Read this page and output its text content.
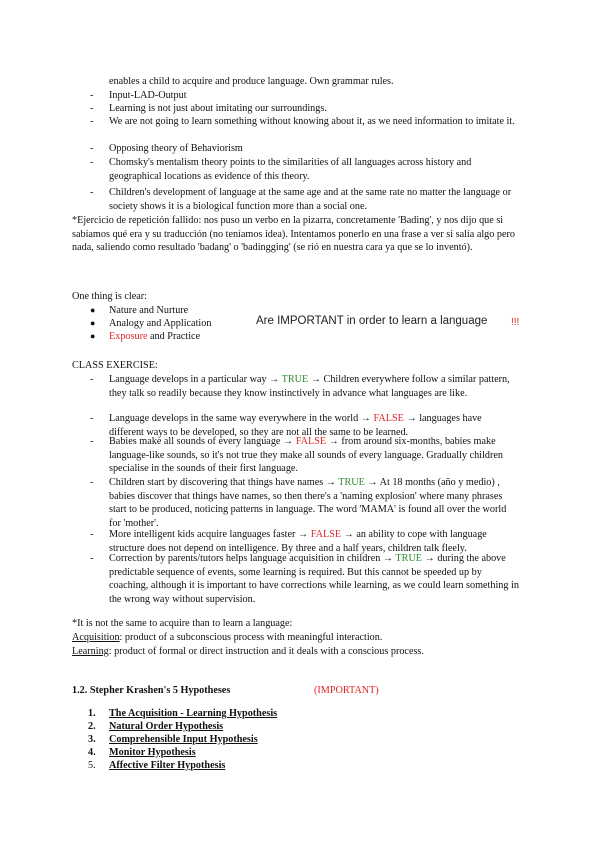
enables a child to acquire and produce language. Own grammar rules.
- Input-LAD-Output
- Learning is not just about imitating our surroundings.
- We are not going to learn something without knowing about it, as we need information to imitate it.
- Opposing theory of Behaviorism
- Chomsky's mentalism theory points to the similarities of all languages across history and geographical locations as evidence of this theory.
- Children's development of language at the same age and at the same rate no matter the language or society shows it is a biological function more than a social one.
*Ejercicio de repetición fallido: nos puso un verbo en la pizarra, concretamente 'Bading', y nos dijo que si sabíamos qué era y su traducción (no teníamos idea). Intentamos ponerlo en una frase a ver si salía algo pero nada, saliendo como resultado 'badang' o 'badingging' (se rió en nuestra cara ya que se lo inventó).
One thing is clear:
● Nature and Nurture
● Analogy and Application
● Exposure and Practice
Are IMPORTANT in order to learn a language !!!
CLASS EXERCISE:
- Language develops in a particular way → TRUE → Children everywhere follow a similar pattern, they talk so readily because they know instinctively in advance what languages are like.
- Language develops in the same way everywhere in the world → FALSE → languages have different ways to be developed, so they are not all the same to be learned.
- Babies make all sounds of every language → FALSE → from around six-months, babies make language-like sounds, so it's not true they make all sounds of every language. Gradually children specialise in the sounds of their first language.
- Children start by discovering that things have names → TRUE → At 18 months (año y medio) , babies discover that things have names, so then there's a 'naming explosion' where many phrases start to be produced, noticing patterns in language. The word 'MAMA' is found all over the world for 'mother'.
- More intelligent kids acquire languages faster → FALSE → an ability to cope with language structure does not depend on intelligence. By three and a half years, children talk fleely.
- Correction by parents/tutors helps language acquisition in children → TRUE → during the above predictable sequence of events, some learning is required. But this cannot be speeded up by coaching, although it is important to have corrections while learning, as we could learn something in the wrong way without supervision.
*It is not the same to acquire than to learn a language:
Acquisition: product of a subconscious process with meaningful interaction.
Learning: product of formal or direct instruction and it deals with a conscious process.
1.2. Stepher Krashen's 5 Hypotheses	(IMPORTANT)
1. The Acquisition - Learning Hypothesis
2. Natural Order Hypothesis
3. Comprehensible Input Hypothesis
4. Monitor Hypothesis
5. Affective Filter Hypothesis
